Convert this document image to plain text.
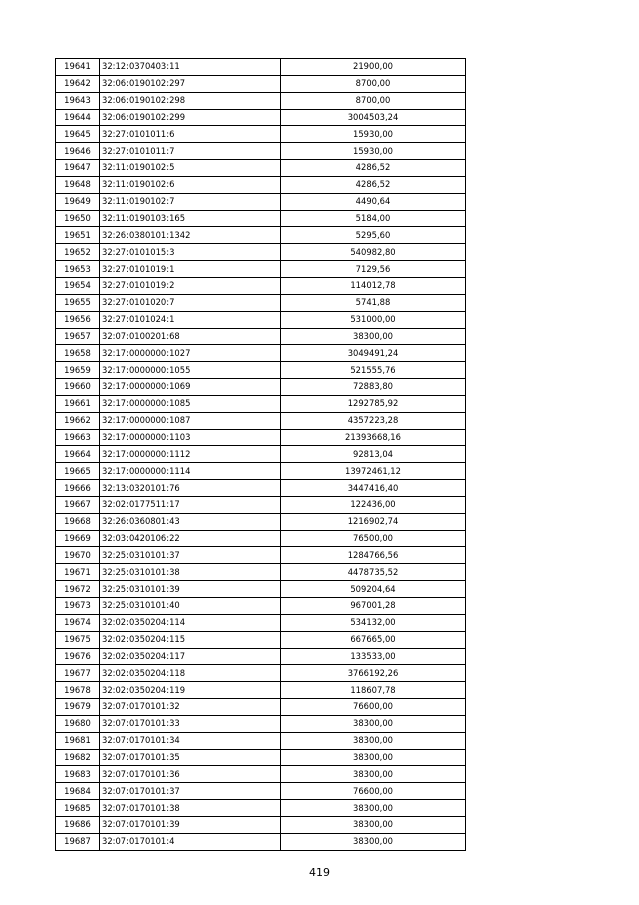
19641	32:12:0370403:11	21900,00
19642	32:06:0190102:297	8700,00
19643	32:06:0190102:298	8700,00
19644	32:06:0190102:299	3004503,24
19645	32:27:0101011:6	15930,00
19646	32:27:0101011:7	15930,00
19647	32:11:0190102:5	4286,52
19648	32:11:0190102:6	4286,52
19649	32:11:0190102:7	4490,64
19650	32:11:0190103:165	5184,00
19651	32:26:0380101:1342	5295,60
19652	32:27:0101015:3	540982,80
19653	32:27:0101019:1	7129,56
19654	32:27:0101019:2	114012,78
19655	32:27:0101020:7	5741,88
19656	32:27:0101024:1	531000,00
19657	32:07:0100201:68	38300,00
19658	32:17:0000000:1027	3049491,24
19659	32:17:0000000:1055	521555,76
19660	32:17:0000000:1069	72883,80
19661	32:17:0000000:1085	1292785,92
19662	32:17:0000000:1087	4357223,28
19663	32:17:0000000:1103	21393668,16
19664	32:17:0000000:1112	92813,04
19665	32:17:0000000:1114	13972461,12
19666	32:13:0320101:76	3447416,40
19667	32:02:0177511:17	122436,00
19668	32:26:0360801:43	1216902,74
19669	32:03:0420106:22	76500,00
19670	32:25:0310101:37	1284766,56
19671	32:25:0310101:38	4478735,52
19672	32:25:0310101:39	509204,64
19673	32:25:0310101:40	967001,28
19674	32:02:0350204:114	534132,00
19675	32:02:0350204:115	667665,00
19676	32:02:0350204:117	133533,00
19677	32:02:0350204:118	3766192,26
19678	32:02:0350204:119	118607,78
19679	32:07:0170101:32	76600,00
19680	32:07:0170101:33	38300,00
19681	32:07:0170101:34	38300,00
19682	32:07:0170101:35	38300,00
19683	32:07:0170101:36	38300,00
19684	32:07:0170101:37	76600,00
19685	32:07:0170101:38	38300,00
19686	32:07:0170101:39	38300,00
19687	32:07:0170101:4	38300,00
419
